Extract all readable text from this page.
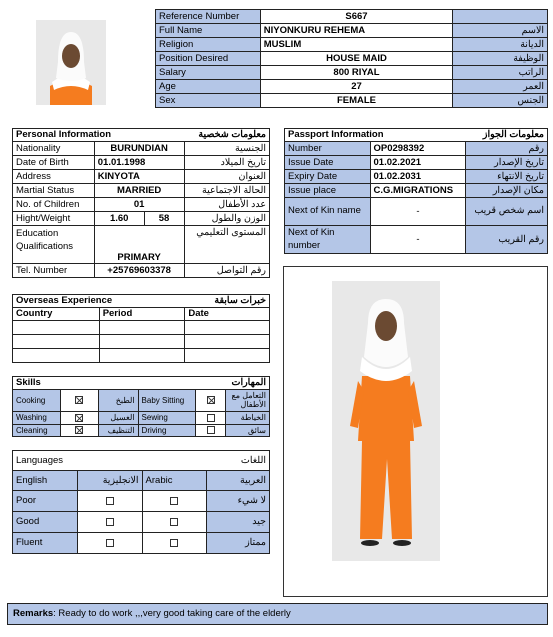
Reference Number	S667	
Full Name	NIYONKURU REHEMA	الاسم
Religion	MUSLIM	الديانة
Position Desired	HOUSE MAID	الوظيفة
Salary	800 RIYAL	الراتب
Age	27	العمر
Sex	FEMALE	الجنس
Personal Information		معلومات شخصية	
Nationality	BURUNDIAN		الجنسية
Date of Birth	01.01.1998		تاريخ الميلاد
Address	KINYOTA		العنوان
Martial Status	MARRIED		الحالة الاجتماعية
No. of Children	01		عدد الأطفال
Hight/Weight	1.60	58	الوزن والطول
Education Qualifications	PRIMARY		المستوى التعليمي
Tel. Number	+25769603378		رقم التواصل
Passport Information		معلومات الجواز
Number	OP0298392	رقم
Issue Date	01.02.2021	تاريخ الإصدار
Expiry Date	01.02.2031	تاريخ الانتهاء
Issue place	C.G.MIGRATIONS	مكان الإصدار
Next of Kin name	-	اسم شخص قريب
Next of Kin number	-	رقم القريب
Overseas Experience		خبرات سابقة
Country	Period	Date

Skills			المهارات		
Cooking		الطبخ	Baby Sitting		التعامل مع الأطفال
Washing		الغسيل	Sewing		الخياطة
Cleaning		التنظيف	Driving		سائق
Languages		اللغات	
English	الانجليزية	Arabic	العربية
Poor			لا شيء
Good			جيد
Fluent			ممتاز
Remarks: Ready to do work ,,,very good taking care of the elderly
